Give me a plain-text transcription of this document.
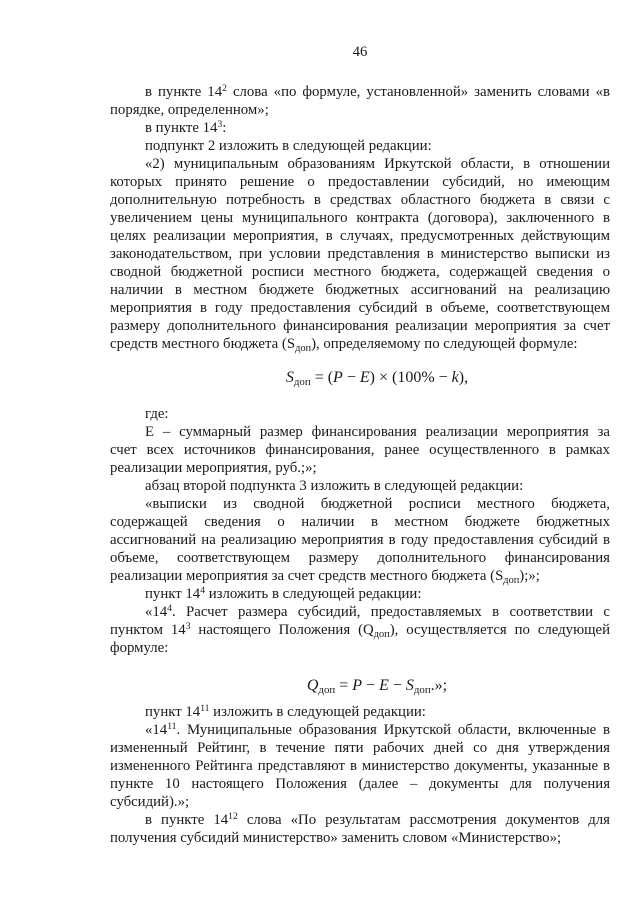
46
в пункте $14^2$ слова «по формуле, установленной» заменить словами «в
порядке, определенном»;
в пункте $14^3$:
подпункт 2 изложить в следующей редакции:
«2) муниципальным образованиям Иркутской области, в отношении
которых принято решение о предоставлении субсидий, но имеющим
дополнительную потребность в средствах областного бюджета в связи с
увеличением цены муниципального контракта (договора), заключенного в
целях реализации мероприятия, в случаях, предусмотренных действующим
законодательством, при условии представления в министерство выписки из
сводной бюджетной росписи местного бюджета, содержащей сведения о
наличии в местном бюджете бюджетных ассигнований на реализацию
мероприятия в году предоставления субсидий в объеме, соответствующем
размеру дополнительного финансирования реализации мероприятия за счет
средств местного бюджета $(S_{доп})$, определяемому по следующей формуле:
$S_{доп} = (P - E) \times (100\% - k)$,
где:
E – суммарный размер финансирования реализации мероприятия за
счет всех источников финансирования, ранее осуществленного в рамках
реализации мероприятия, руб.;»;
абзац второй подпункта 3 изложить в следующей редакции:
«выписки из сводной бюджетной росписи местного бюджета,
содержащей сведения о наличии в местном бюджете бюджетных
ассигнований на реализацию мероприятия в году предоставления субсидий в
объеме, соответствующем размеру дополнительного финансирования
реализации мероприятия за счет средств местного бюджета $(S_{доп})$;»;
пункт $14^4$ изложить в следующей редакции:
«$14^4$. Расчет размера субсидий, предоставляемых в соответствии с
пунктом $14^3$ настоящего Положения $(Q_{доп})$, осуществляется по следующей
формуле:
$Q_{доп} = P - E - S_{доп}$.»;
пункт $14^{11}$ изложить в следующей редакции:
«$14^{11}$. Муниципальные образования Иркутской области, включенные в
измененный Рейтинг, в течение пяти рабочих дней со дня утверждения
измененного Рейтинга представляют в министерство документы, указанные в
пункте 10 настоящего Положения (далее – документы для получения
субсидий).»;
в пункте $14^{12}$ слова «По результатам рассмотрения документов для
получения субсидий министерство» заменить словом «Министерство»;
